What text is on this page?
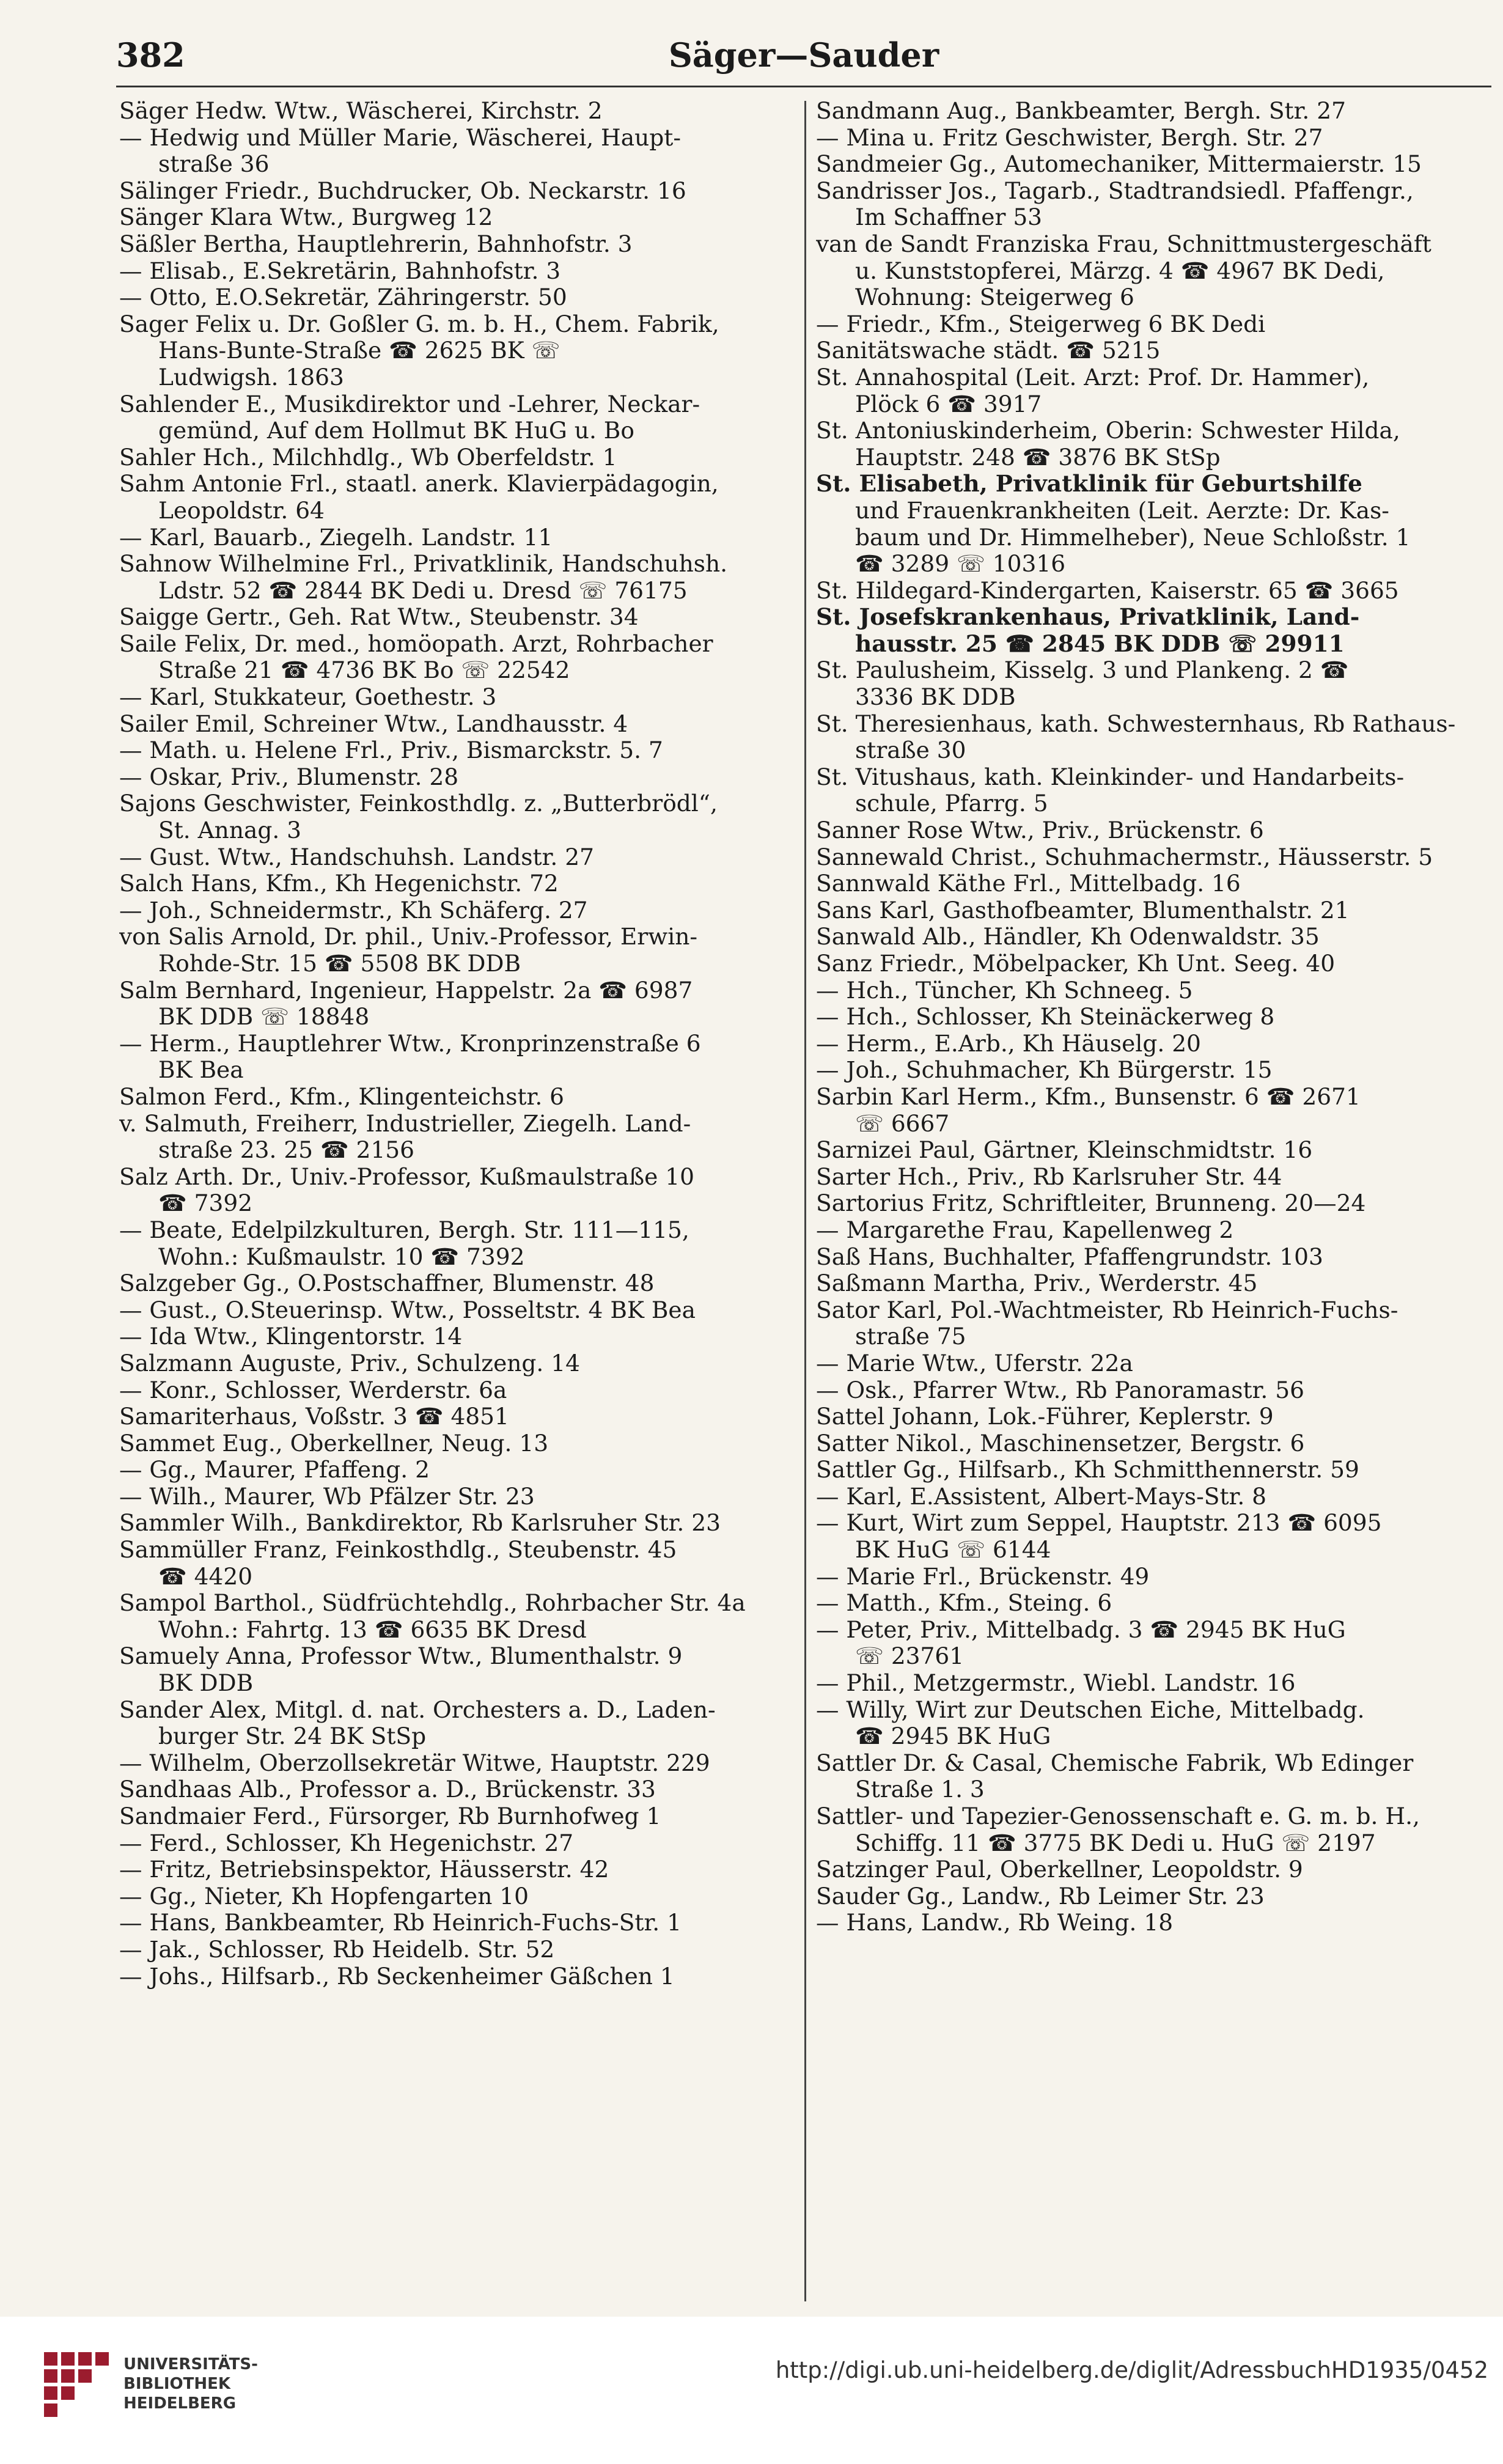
382	Säger—Sauder
Säger Hedw. Wtw., Wäscherei, Kirchstr. 2
— Hedwig und Müller Marie, Wäscherei, Haupt-
straße 36
Sälinger Friedr., Buchdrucker, Ob. Neckarstr. 16
Sänger Klara Wtw., Burgweg 12
Säßler Bertha, Hauptlehrerin, Bahnhofstr. 3
— Elisab., E.Sekretärin, Bahnhofstr. 3
— Otto, E.O.Sekretär, Zähringerstr. 50
Sager Felix u. Dr. Goßler G. m. b. H., Chem. Fabrik,
Hans-Bunte-Straße ☎ 2625 BK ☏
Ludwigsh. 1863
Sahlender E., Musikdirektor und -Lehrer, Neckar-
gemünd, Auf dem Hollmut BK HuG u. Bo
Sahler Hch., Milchhdlg., Wb Oberfeldstr. 1
Sahm Antonie Frl., staatl. anerk. Klavierpädagogin,
Leopoldstr. 64
— Karl, Bauarb., Ziegelh. Landstr. 11
Sahnow Wilhelmine Frl., Privatklinik, Handschuhsh.
Ldstr. 52 ☎ 2844 BK Dedi u. Dresd ☏ 76175
Saigge Gertr., Geh. Rat Wtw., Steubenstr. 34
Saile Felix, Dr. med., homöopath. Arzt, Rohrbacher
Straße 21 ☎ 4736 BK Bo ☏ 22542
— Karl, Stukkateur, Goethestr. 3
Sailer Emil, Schreiner Wtw., Landhausstr. 4
— Math. u. Helene Frl., Priv., Bismarckstr. 5. 7
— Oskar, Priv., Blumenstr. 28
Sajons Geschwister, Feinkosthdlg. z. „Butterbrödl“,
St. Annag. 3
— Gust. Wtw., Handschuhsh. Landstr. 27
Salch Hans, Kfm., Kh Hegenichstr. 72
— Joh., Schneidermstr., Kh Schäferg. 27
von Salis Arnold, Dr. phil., Univ.-Professor, Erwin-
Rohde-Str. 15 ☎ 5508 BK DDB
Salm Bernhard, Ingenieur, Happelstr. 2a ☎ 6987
BK DDB ☏ 18848
— Herm., Hauptlehrer Wtw., Kronprinzenstraße 6
BK Bea
Salmon Ferd., Kfm., Klingenteichstr. 6
v. Salmuth, Freiherr, Industrieller, Ziegelh. Land-
straße 23. 25 ☎ 2156
Salz Arth. Dr., Univ.-Professor, Kußmaulstraße 10
☎ 7392
— Beate, Edelpilzkulturen, Bergh. Str. 111—115,
Wohn.: Kußmaulstr. 10 ☎ 7392
Salzgeber Gg., O.Postschaffner, Blumenstr. 48
— Gust., O.Steuerinsp. Wtw., Posseltstr. 4 BK Bea
— Ida Wtw., Klingentorstr. 14
Salzmann Auguste, Priv., Schulzeng. 14
— Konr., Schlosser, Werderstr. 6a
Samariterhaus, Voßstr. 3 ☎ 4851
Sammet Eug., Oberkellner, Neug. 13
— Gg., Maurer, Pfaffeng. 2
— Wilh., Maurer, Wb Pfälzer Str. 23
Sammler Wilh., Bankdirektor, Rb Karlsruher Str. 23
Sammüller Franz, Feinkosthdlg., Steubenstr. 45
☎ 4420
Sampol Barthol., Südfrüchtehdlg., Rohrbacher Str. 4a
Wohn.: Fahrtg. 13 ☎ 6635 BK Dresd
Samuely Anna, Professor Wtw., Blumenthalstr. 9
BK DDB
Sander Alex, Mitgl. d. nat. Orchesters a. D., Laden-
burger Str. 24 BK StSp
— Wilhelm, Oberzollsekretär Witwe, Hauptstr. 229
Sandhaas Alb., Professor a. D., Brückenstr. 33
Sandmaier Ferd., Fürsorger, Rb Burnhofweg 1
— Ferd., Schlosser, Kh Hegenichstr. 27
— Fritz, Betriebsinspektor, Häusserstr. 42
— Gg., Nieter, Kh Hopfengarten 10
— Hans, Bankbeamter, Rb Heinrich-Fuchs-Str. 1
— Jak., Schlosser, Rb Heidelb. Str. 52
— Johs., Hilfsarb., Rb Seckenheimer Gäßchen 1
Sandmann Aug., Bankbeamter, Bergh. Str. 27
— Mina u. Fritz Geschwister, Bergh. Str. 27
Sandmeier Gg., Automechaniker, Mittermaierstr. 15
Sandrisser Jos., Tagarb., Stadtrandsiedl. Pfaffengr.,
Im Schaffner 53
van de Sandt Franziska Frau, Schnittmustergeschäft
u. Kunststopferei, Märzg. 4 ☎ 4967 BK Dedi,
Wohnung: Steigerweg 6
— Friedr., Kfm., Steigerweg 6 BK Dedi
Sanitätswache städt. ☎ 5215
St. Annahospital (Leit. Arzt: Prof. Dr. Hammer),
Plöck 6 ☎ 3917
St. Antoniuskinderheim, Oberin: Schwester Hilda,
Hauptstr. 248 ☎ 3876 BK StSp
St. Elisabeth, Privatklinik für Geburtshilfe
und Frauenkrankheiten (Leit. Aerzte: Dr. Kas-
baum und Dr. Himmelheber), Neue Schloßstr. 1
☎ 3289 ☏ 10316
St. Hildegard-Kindergarten, Kaiserstr. 65 ☎ 3665
St. Josefskrankenhaus, Privatklinik, Land-
hausstr. 25 ☎ 2845 BK DDB ☏ 29911
St. Paulusheim, Kisselg. 3 und Plankeng. 2 ☎
3336 BK DDB
St. Theresienhaus, kath. Schwesternhaus, Rb Rathaus-
straße 30
St. Vitushaus, kath. Kleinkinder- und Handarbeits-
schule, Pfarrg. 5
Sanner Rose Wtw., Priv., Brückenstr. 6
Sannewald Christ., Schuhmachermstr., Häusserstr. 5
Sannwald Käthe Frl., Mittelbadg. 16
Sans Karl, Gasthofbeamter, Blumenthalstr. 21
Sanwald Alb., Händler, Kh Odenwaldstr. 35
Sanz Friedr., Möbelpacker, Kh Unt. Seeg. 40
— Hch., Tüncher, Kh Schneeg. 5
— Hch., Schlosser, Kh Steinäckerweg 8
— Herm., E.Arb., Kh Häuselg. 20
— Joh., Schuhmacher, Kh Bürgerstr. 15
Sarbin Karl Herm., Kfm., Bunsenstr. 6 ☎ 2671
☏ 6667
Sarnizei Paul, Gärtner, Kleinschmidtstr. 16
Sarter Hch., Priv., Rb Karlsruher Str. 44
Sartorius Fritz, Schriftleiter, Brunneng. 20—24
— Margarethe Frau, Kapellenweg 2
Saß Hans, Buchhalter, Pfaffengrundstr. 103
Saßmann Martha, Priv., Werderstr. 45
Sator Karl, Pol.-Wachtmeister, Rb Heinrich-Fuchs-
straße 75
— Marie Wtw., Uferstr. 22a
— Osk., Pfarrer Wtw., Rb Panoramastr. 56
Sattel Johann, Lok.-Führer, Keplerstr. 9
Satter Nikol., Maschinensetzer, Bergstr. 6
Sattler Gg., Hilfsarb., Kh Schmitthennerstr. 59
— Karl, E.Assistent, Albert-Mays-Str. 8
— Kurt, Wirt zum Seppel, Hauptstr. 213 ☎ 6095
BK HuG ☏ 6144
— Marie Frl., Brückenstr. 49
— Matth., Kfm., Steing. 6
— Peter, Priv., Mittelbadg. 3 ☎ 2945 BK HuG
☏ 23761
— Phil., Metzgermstr., Wiebl. Landstr. 16
— Willy, Wirt zur Deutschen Eiche, Mittelbadg.
☎ 2945 BK HuG
Sattler Dr. & Casal, Chemische Fabrik, Wb Edinger
Straße 1. 3
Sattler- und Tapezier-Genossenschaft e. G. m. b. H.,
Schiffg. 11 ☎ 3775 BK Dedi u. HuG ☏ 2197
Satzinger Paul, Oberkellner, Leopoldstr. 9
Sauder Gg., Landw., Rb Leimer Str. 23
— Hans, Landw., Rb Weing. 18
UNIVERSITÄTS-
BIBLIOTHEK
HEIDELBERG
http://digi.ub.uni-heidelberg.de/diglit/AdressbuchHD1935/0452
